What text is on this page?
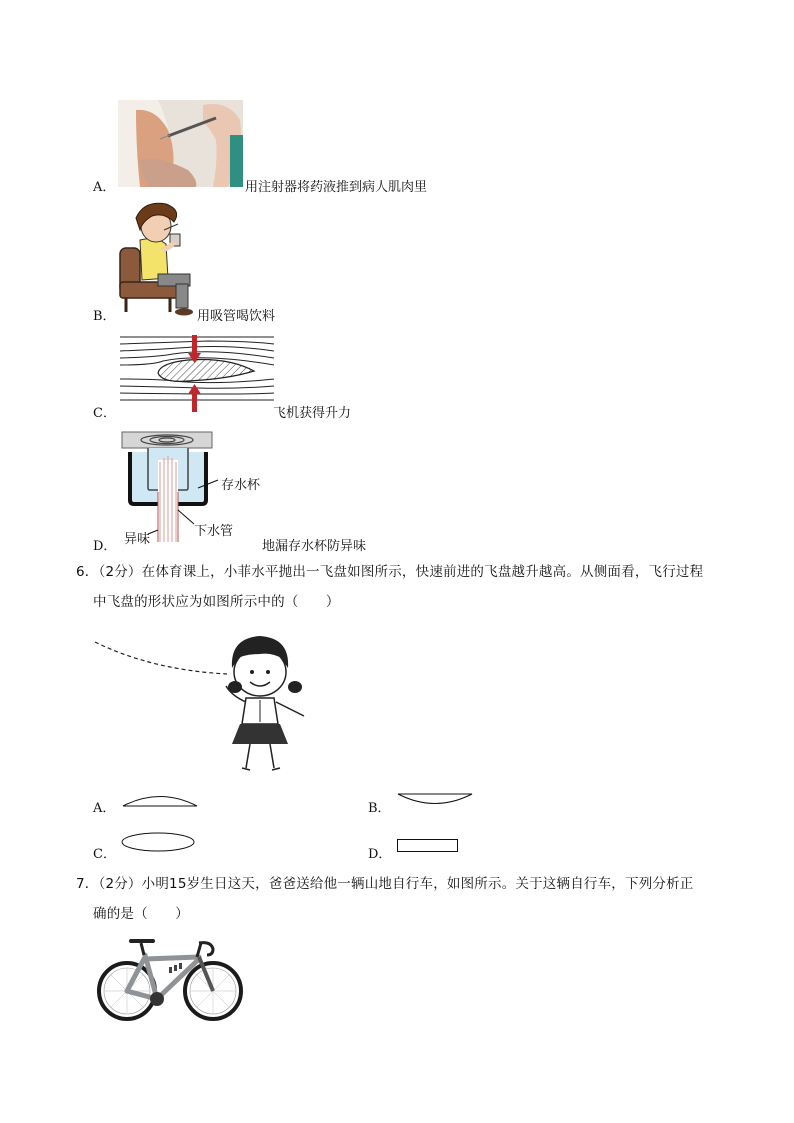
A．	用注射器将药液推到病人肌肉里
B．	用吸管喝饮料
C．	飞机获得升力
存水杯
下水管
异味
D．	地漏存水杯防异味
6．（2分）在体育课上，小菲水平抛出一飞盘如图所示，快速前进的飞盘越升越高。从侧面看，飞行过程
中飞盘的形状应为如图所示中的（　　）
A．	B．
C．	D．
7．（2分）小明15岁生日这天，爸爸送给他一辆山地自行车，如图所示。关于这辆自行车，下列分析正
确的是（　　）
